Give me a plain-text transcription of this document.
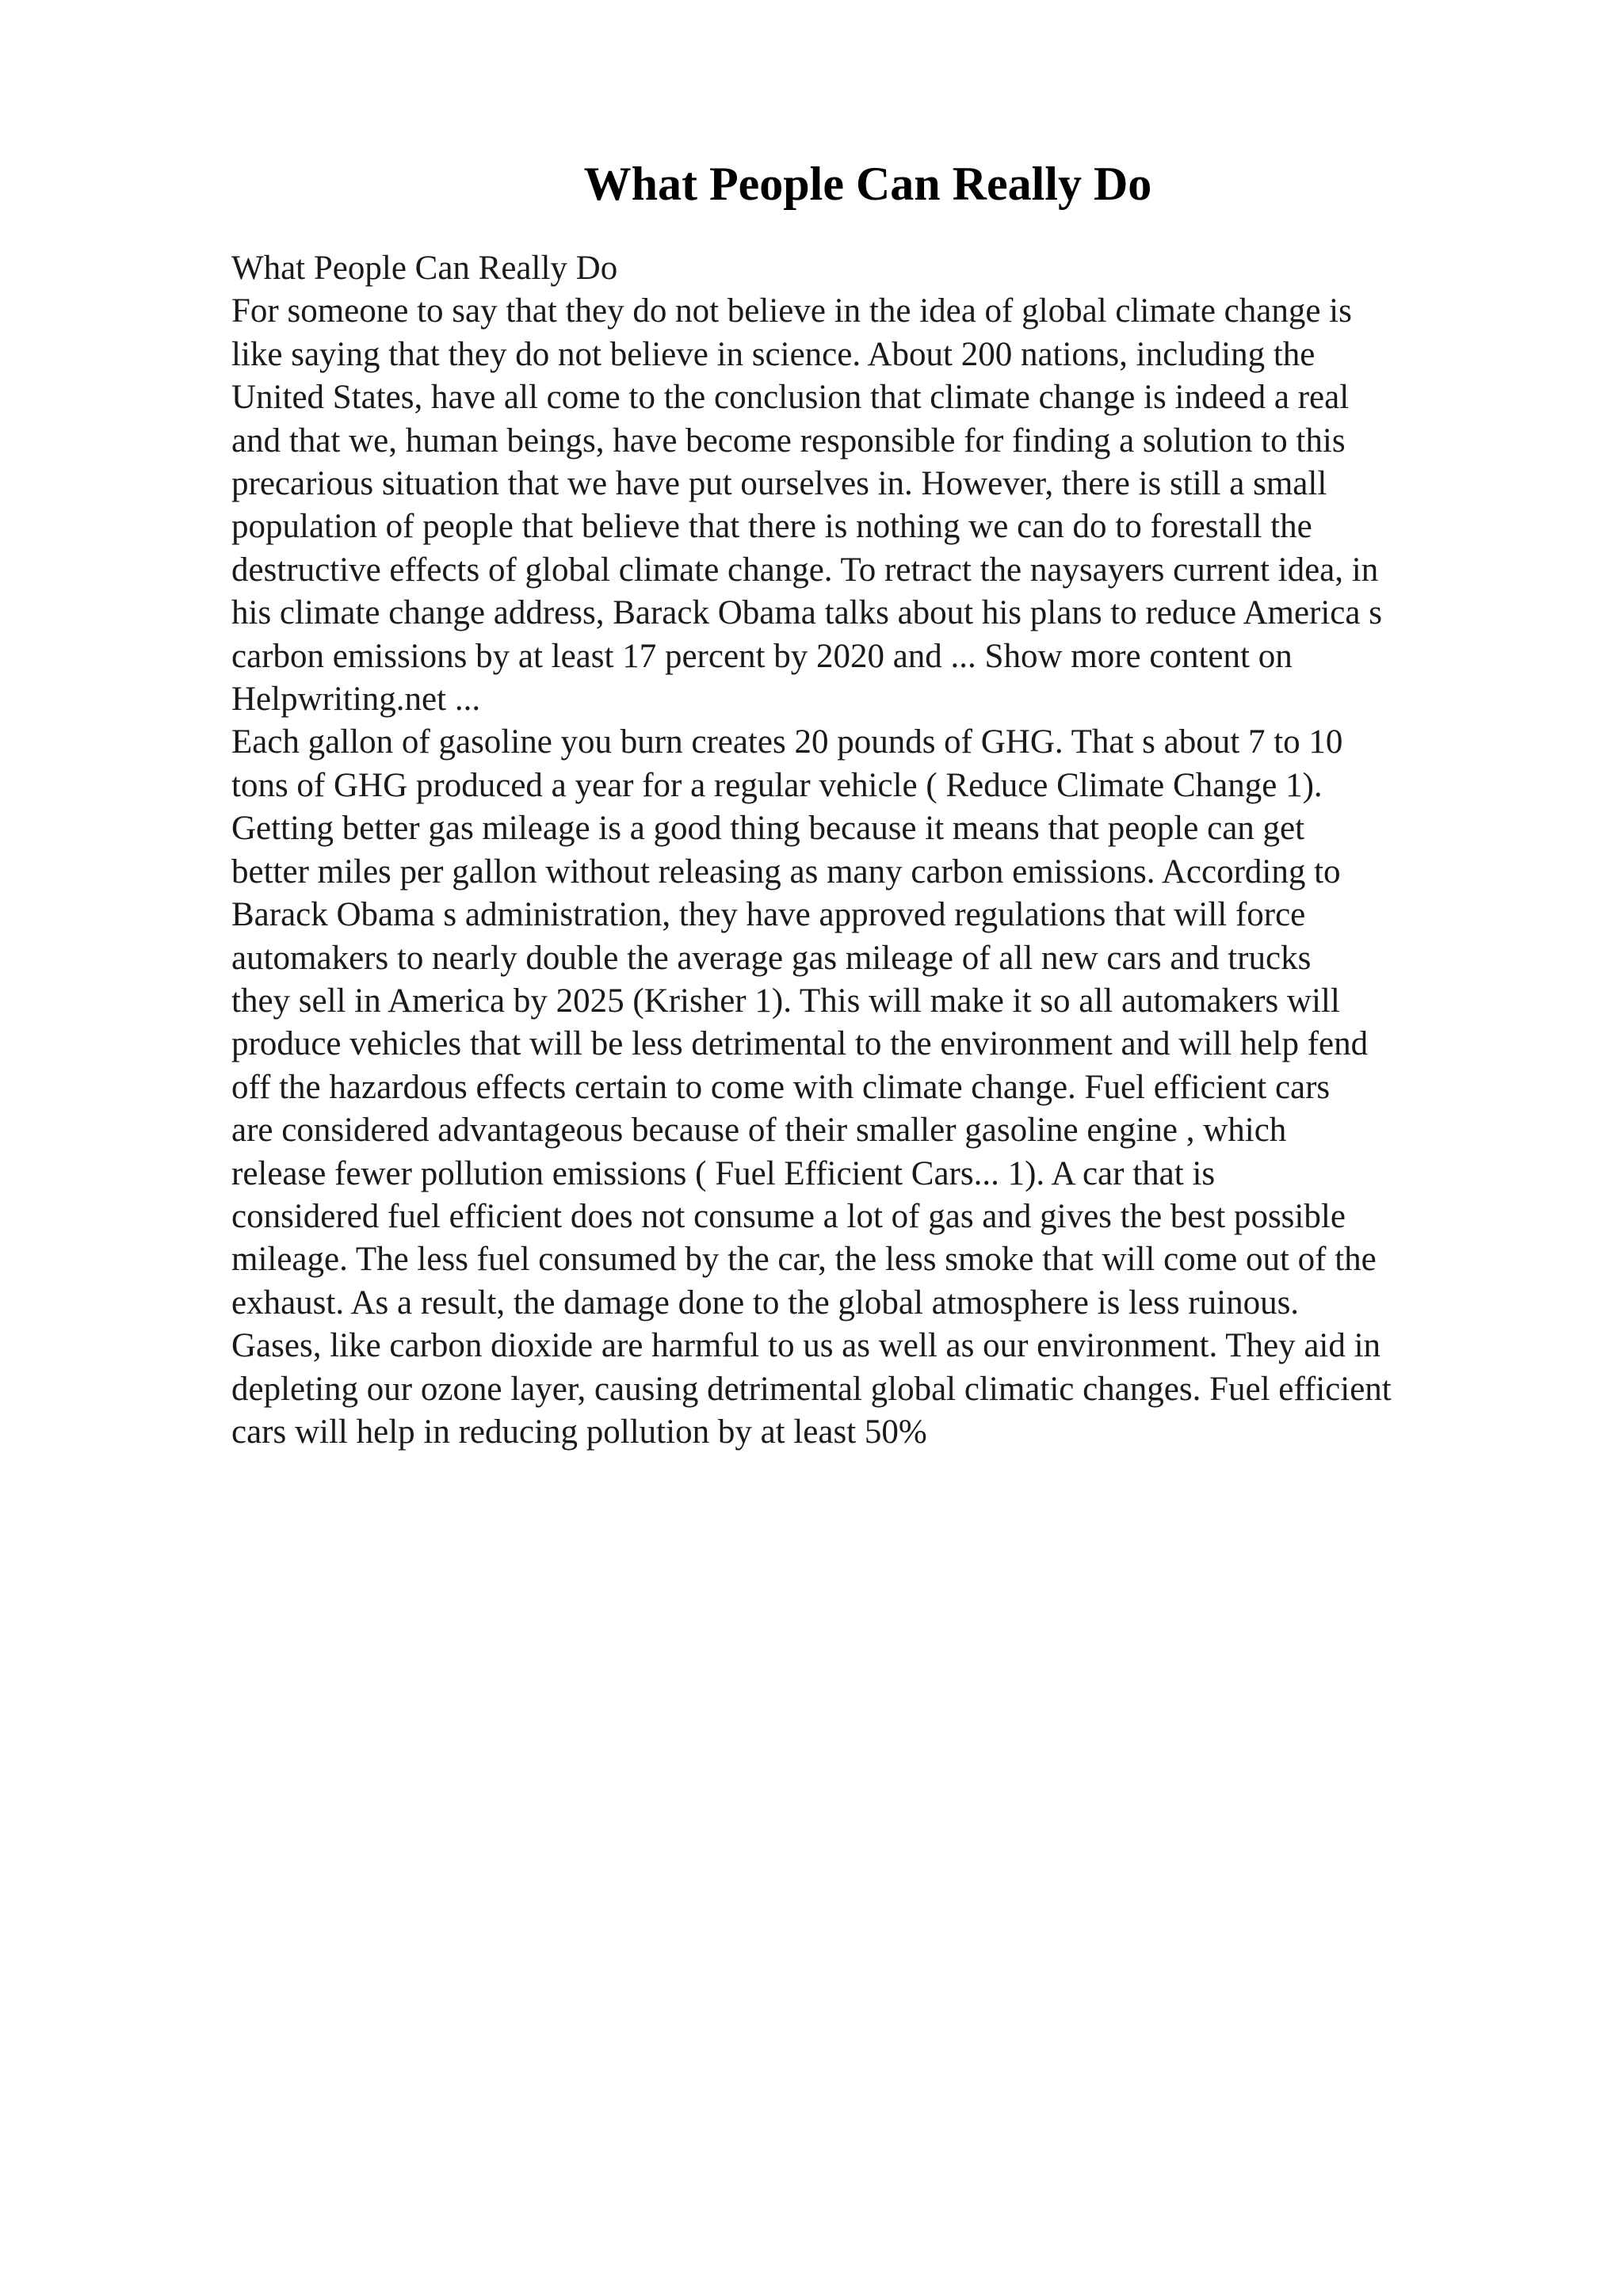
What People Can Really Do
What People Can Really Do
For someone to say that they do not believe in the idea of global climate change is
like saying that they do not believe in science. About 200 nations, including the
United States, have all come to the conclusion that climate change is indeed a real
and that we, human beings, have become responsible for finding a solution to this
precarious situation that we have put ourselves in. However, there is still a small
population of people that believe that there is nothing we can do to forestall the
destructive effects of global climate change. To retract the naysayers current idea, in
his climate change address, Barack Obama talks about his plans to reduce America s
carbon emissions by at least 17 percent by 2020 and ... Show more content on
Helpwriting.net ...
Each gallon of gasoline you burn creates 20 pounds of GHG. That s about 7 to 10
tons of GHG produced a year for a regular vehicle ( Reduce Climate Change 1).
Getting better gas mileage is a good thing because it means that people can get
better miles per gallon without releasing as many carbon emissions. According to
Barack Obama s administration, they have approved regulations that will force
automakers to nearly double the average gas mileage of all new cars and trucks
they sell in America by 2025 (Krisher 1). This will make it so all automakers will
produce vehicles that will be less detrimental to the environment and will help fend
off the hazardous effects certain to come with climate change. Fuel efficient cars
are considered advantageous because of their smaller gasoline engine , which
release fewer pollution emissions ( Fuel Efficient Cars... 1). A car that is
considered fuel efficient does not consume a lot of gas and gives the best possible
mileage. The less fuel consumed by the car, the less smoke that will come out of the
exhaust. As a result, the damage done to the global atmosphere is less ruinous.
Gases, like carbon dioxide are harmful to us as well as our environment. They aid in
depleting our ozone layer, causing detrimental global climatic changes. Fuel efficient
cars will help in reducing pollution by at least 50%
